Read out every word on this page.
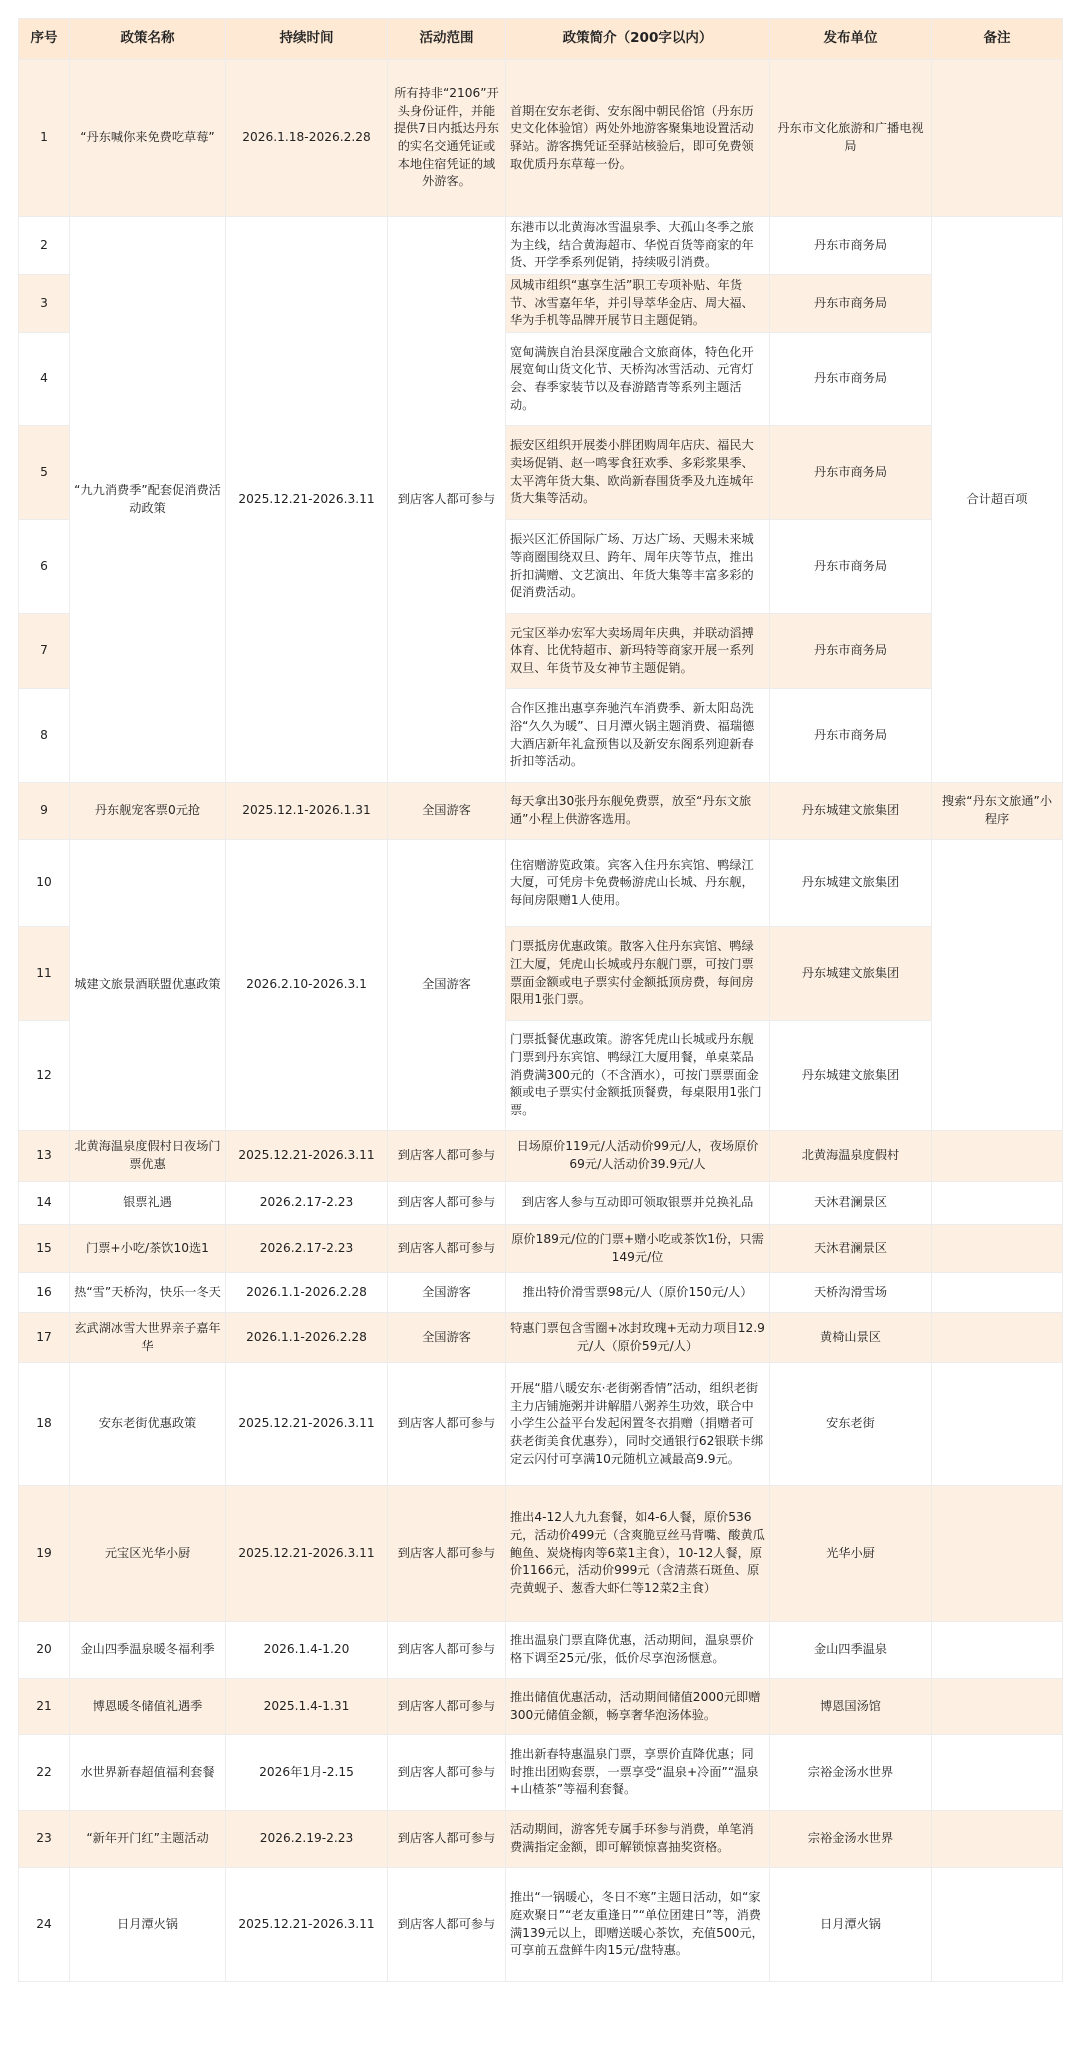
序号	政策名称	持续时间	活动范围	政策简介（200字以内）	发布单位	备注
1	“丹东喊你来免费吃草莓”	2026.1.18-2026.2.28	所有持非“2106”开头身份证件，并能提供7日内抵达丹东的实名交通凭证或本地住宿凭证的域外游客。	首期在安东老街、安东阁中朝民俗馆（丹东历史文化体验馆）两处外地游客聚集地设置活动驿站。游客携凭证至驿站核验后，即可免费领取优质丹东草莓一份。	丹东市文化旅游和广播电视局	
2	“九九消费季”配套促消费活动政策	2025.12.21-2026.3.11	到店客人都可参与	东港市以北黄海冰雪温泉季、大孤山冬季之旅为主线，结合黄海超市、华悦百货等商家的年货、开学季系列促销，持续吸引消费。	丹东市商务局	合计超百项
3				凤城市组织“惠享生活”职工专项补贴、年货节、冰雪嘉年华，并引导萃华金店、周大福、华为手机等品牌开展节日主题促销。	丹东市商务局	
4				宽甸满族自治县深度融合文旅商体，特色化开展宽甸山货文化节、天桥沟冰雪活动、元宵灯会、春季家装节以及春游踏青等系列主题活动。	丹东市商务局	
5				振安区组织开展娄小胖团购周年店庆、福民大卖场促销、赵一鸣零食狂欢季、多彩浆果季、太平湾年货大集、欧尚新春围货季及九连城年货大集等活动。	丹东市商务局	
6				振兴区汇侨国际广场、万达广场、天赐未来城等商圈围绕双旦、跨年、周年庆等节点，推出折扣满赠、文艺演出、年货大集等丰富多彩的促消费活动。	丹东市商务局	
7				元宝区举办宏军大卖场周年庆典，并联动滔搏体育、比优特超市、新玛特等商家开展一系列双旦、年货节及女神节主题促销。	丹东市商务局	
8				合作区推出惠享奔驰汽车消费季、新太阳岛洗浴“久久为暖”、日月潭火锅主题消费、福瑞德大酒店新年礼盒预售以及新安东阁系列迎新春折扣等活动。	丹东市商务局	
9	丹东舰宠客票0元抢	2025.12.1-2026.1.31	全国游客	每天拿出30张丹东舰免费票，放至“丹东文旅通”小程上供游客选用。	丹东城建文旅集团	搜索“丹东文旅通”小程序
10	城建文旅景酒联盟优惠政策	2026.2.10-2026.3.1	全国游客	住宿赠游览政策。宾客入住丹东宾馆、鸭绿江大厦，可凭房卡免费畅游虎山长城、丹东舰，每间房限赠1人使用。	丹东城建文旅集团	
11				门票抵房优惠政策。散客入住丹东宾馆、鸭绿江大厦，凭虎山长城或丹东舰门票，可按门票票面金额或电子票实付金额抵顶房费，每间房限用1张门票。	丹东城建文旅集团	
12				门票抵餐优惠政策。游客凭虎山长城或丹东舰门票到丹东宾馆、鸭绿江大厦用餐，单桌菜品消费满300元的（不含酒水），可按门票票面金额或电子票实付金额抵顶餐费，每桌限用1张门票。	丹东城建文旅集团	
13	北黄海温泉度假村日夜场门票优惠	2025.12.21-2026.3.11	到店客人都可参与	日场原价119元/人活动价99元/人，夜场原价69元/人活动价39.9元/人	北黄海温泉度假村	
14	银票礼遇	2026.2.17-2.23	到店客人都可参与	到店客人参与互动即可领取银票并兑换礼品	天沐君澜景区	
15	门票+小吃/茶饮10选1	2026.2.17-2.23	到店客人都可参与	原价189元/位的门票+赠小吃或茶饮1份，只需149元/位	天沐君澜景区	
16	热“雪”天桥沟，快乐一冬天	2026.1.1-2026.2.28	全国游客	推出特价滑雪票98元/人（原价150元/人）	天桥沟滑雪场	
17	玄武湖冰雪大世界亲子嘉年华	2026.1.1-2026.2.28	全国游客	特惠门票包含雪圈+冰封玫瑰+无动力项目12.9元/人（原价59元/人）	黄椅山景区	
18	安东老街优惠政策	2025.12.21-2026.3.11	到店客人都可参与	开展“腊八暖安东·老街粥香情”活动，组织老街主力店铺施粥并讲解腊八粥养生功效，联合中小学生公益平台发起闲置冬衣捐赠（捐赠者可获老街美食优惠券），同时交通银行62银联卡绑定云闪付可享满10元随机立减最高9.9元。	安东老街	
19	元宝区光华小厨	2025.12.21-2026.3.11	到店客人都可参与	推出4-12人九九套餐，如4-6人餐，原价536元，活动价499元（含爽脆豆丝马背嘴、酸黄瓜鲍鱼、炭烧梅肉等6菜1主食），10-12人餐，原价1166元，活动价999元（含清蒸石斑鱼、原壳黄蚬子、葱香大虾仁等12菜2主食）	光华小厨	
20	金山四季温泉暖冬福利季	2026.1.4-1.20	到店客人都可参与	推出温泉门票直降优惠，活动期间，温泉票价格下调至25元/张，低价尽享泡汤惬意。	金山四季温泉	
21	博恩暖冬储值礼遇季	2025.1.4-1.31	到店客人都可参与	推出储值优惠活动，活动期间储值2000元即赠300元储值金额，畅享奢华泡汤体验。	博恩国汤馆	
22	水世界新春超值福利套餐	2026年1月-2.15	到店客人都可参与	推出新春特惠温泉门票，享票价直降优惠；同时推出团购套票，一票享受“温泉+冷面”“温泉+山楂茶”等福利套餐。	宗裕金汤水世界	
23	“新年开门红”主题活动	2026.2.19-2.23	到店客人都可参与	活动期间，游客凭专属手环参与消费，单笔消费满指定金额，即可解锁惊喜抽奖资格。	宗裕金汤水世界	
24	日月潭火锅	2025.12.21-2026.3.11	到店客人都可参与	推出“一锅暖心，冬日不寒”主题日活动，如“家庭欢聚日”“老友重逢日”“单位团建日”等，消费满139元以上，即赠送暖心茶饮，充值500元，可享前五盘鲜牛肉15元/盘特惠。	日月潭火锅	
